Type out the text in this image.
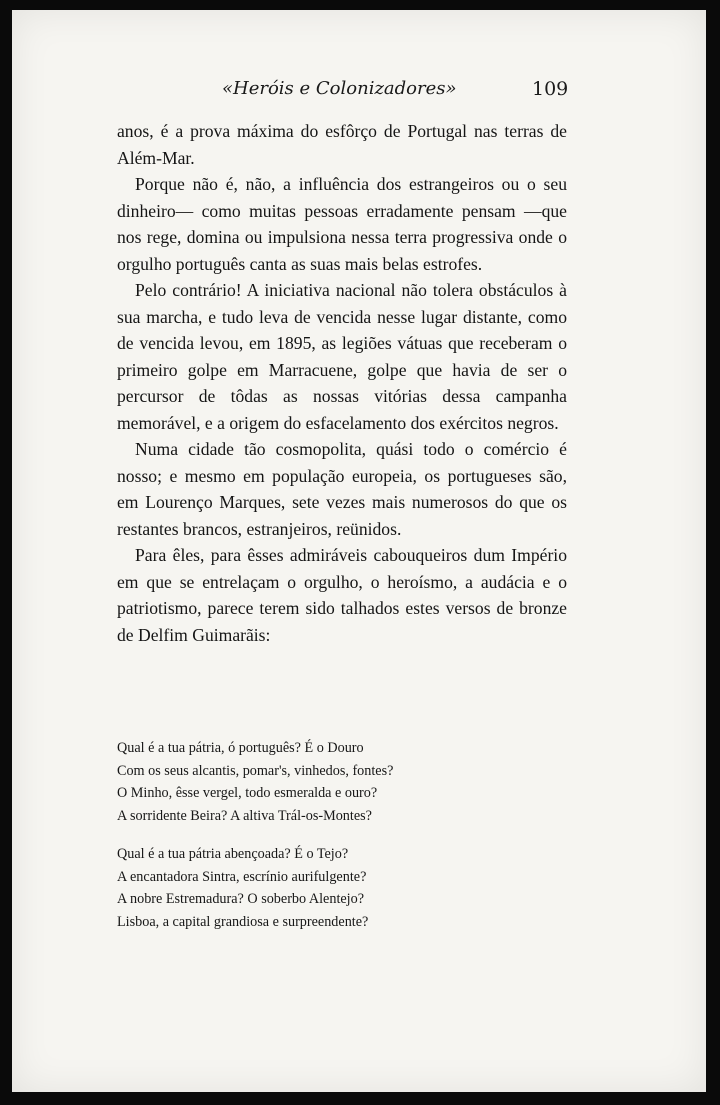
«Heróis e Colonizadores»	109

anos, é a prova máxima do esfôrço de Portugal nas terras de Além-Mar.

Porque não é, não, a influência dos estrangeiros ou o seu dinheiro— como muitas pessoas erradamente pensam —que nos rege, domina ou impulsiona nessa terra progressiva onde o orgulho português canta as suas mais belas estrofes.

Pelo contrário! A iniciativa nacional não tolera obstáculos à sua marcha, e tudo leva de vencida nesse lugar distante, como de vencida levou, em 1895, as legiões vátuas que receberam o primeiro golpe em Marracuene, golpe que havia de ser o percursor de tôdas as nossas vitórias dessa campanha memorável, e a origem do esfacelamento dos exércitos negros.

Numa cidade tão cosmopolita, quási todo o comércio é nosso; e mesmo em população europeia, os portugueses são, em Lourenço Marques, sete vezes mais numerosos do que os restantes brancos, estranjeiros, reünidos.

Para êles, para êsses admiráveis cabouqueiros dum Império em que se entrelaçam o orgulho, o heroísmo, a audácia e o patriotismo, parece terem sido talhados estes versos de bronze de Delfim Guimarãis:

Qual é a tua pátria, ó português? É o Douro
Com os seus alcantis, pomar's, vinhedos, fontes?
O Minho, êsse vergel, todo esmeralda e ouro?
A sorridente Beira? A altiva Trál-os-Montes?
Qual é a tua pátria abençoada? É o Tejo?
A encantadora Sintra, escrínio aurifulgente?
A nobre Estremadura? O soberbo Alentejo?
Lisboa, a capital grandiosa e surpreendente?
